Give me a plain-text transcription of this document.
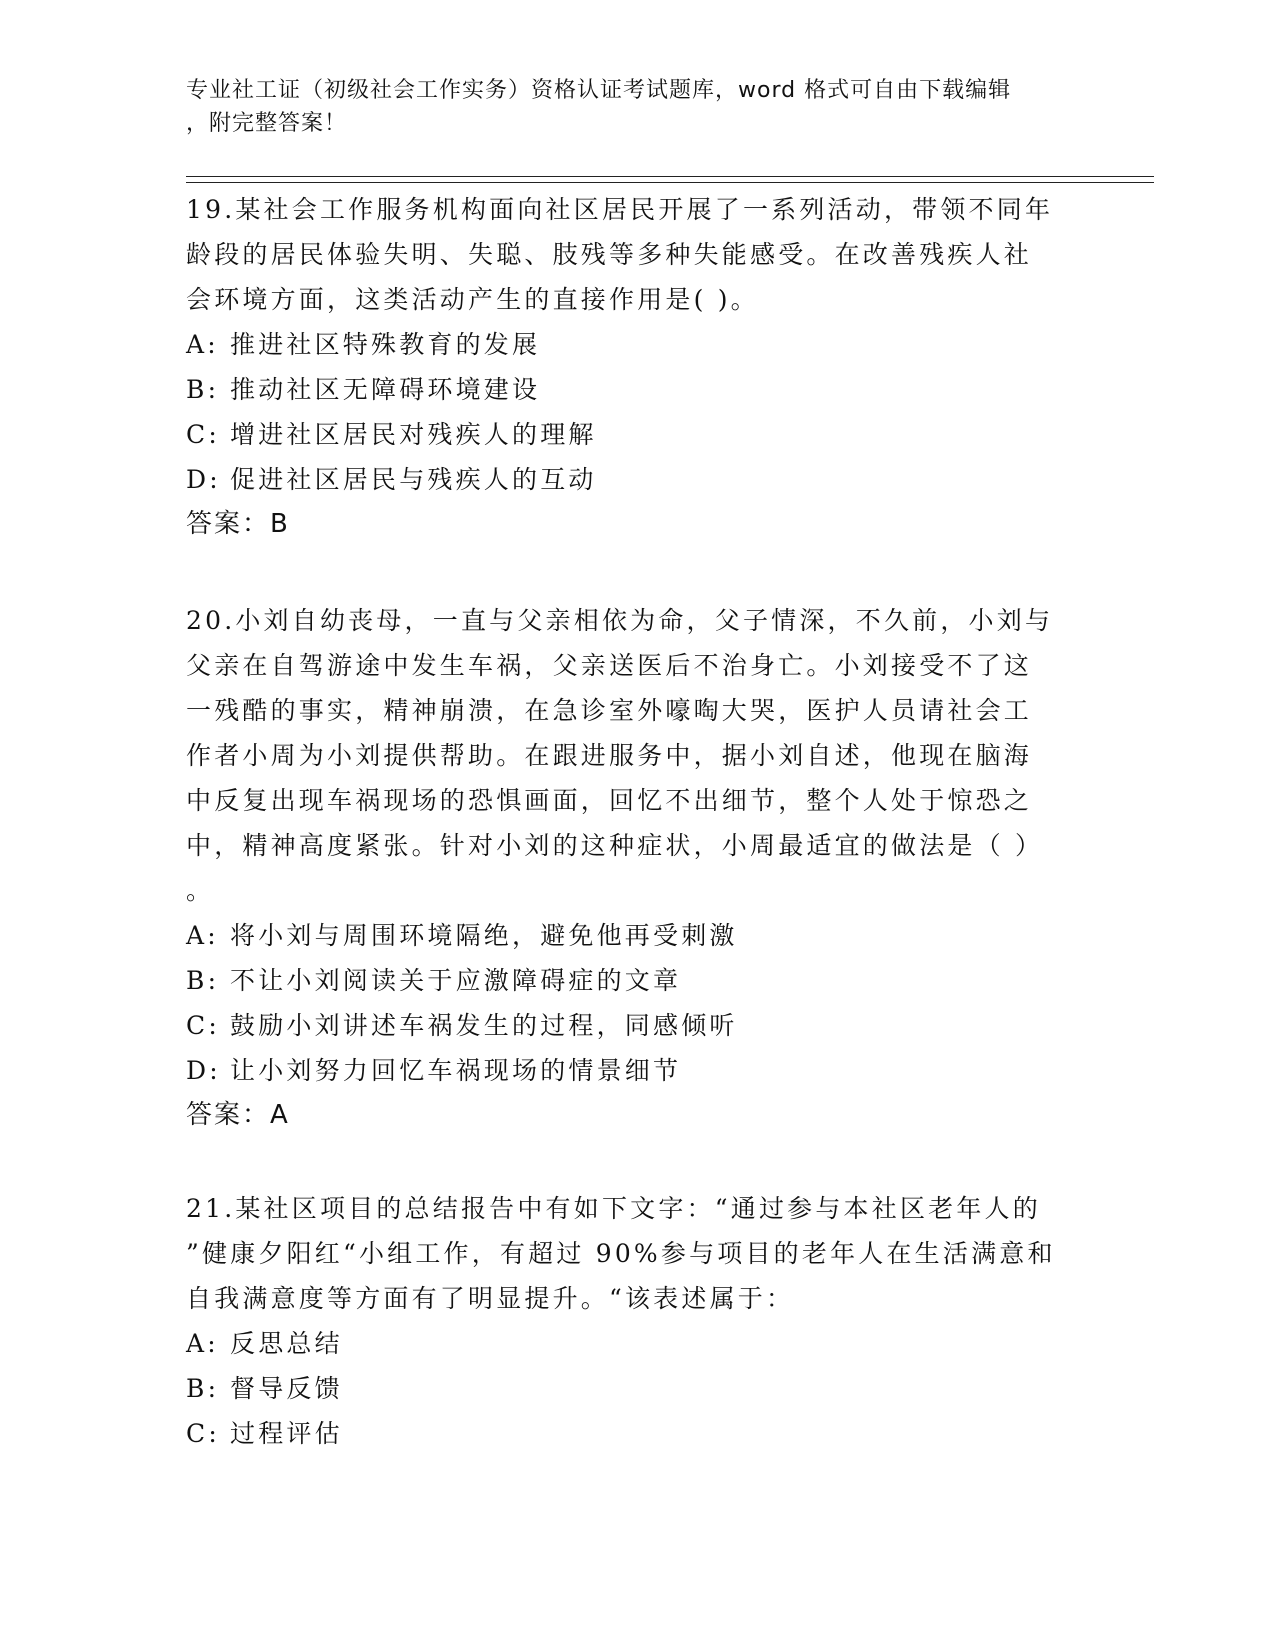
专业社工证（初级社会工作实务）资格认证考试题库，word 格式可自由下载编辑
，附完整答案！

19.某社会工作服务机构面向社区居民开展了一系列活动，带领不同年

龄段的居民体验失明、失聪、肢残等多种失能感受。在改善残疾人社

会环境方面，这类活动产生的直接作用是( )。

A: 推进社区特殊教育的发展

B: 推动社区无障碍环境建设

C: 增进社区居民对残疾人的理解

D: 促进社区居民与残疾人的互动

答案：B

20.小刘自幼丧母，一直与父亲相依为命，父子情深，不久前，小刘与

父亲在自驾游途中发生车祸，父亲送医后不治身亡。小刘接受不了这

一残酷的事实，精神崩溃，在急诊室外嚎啕大哭，医护人员请社会工

作者小周为小刘提供帮助。在跟进服务中，据小刘自述，他现在脑海

中反复出现车祸现场的恐惧画面，回忆不出细节，整个人处于惊恐之

中，精神高度紧张。针对小刘的这种症状，小周最适宜的做法是（ ）

。

A: 将小刘与周围环境隔绝，避免他再受刺激

B: 不让小刘阅读关于应激障碍症的文章

C: 鼓励小刘讲述车祸发生的过程，同感倾听

D: 让小刘努力回忆车祸现场的情景细节

答案：A

21.某社区项目的总结报告中有如下文字：“通过参与本社区老年人的

”健康夕阳红“小组工作，有超过 90%参与项目的老年人在生活满意和

自我满意度等方面有了明显提升。“该表述属于：

A: 反思总结

B: 督导反馈

C: 过程评估
